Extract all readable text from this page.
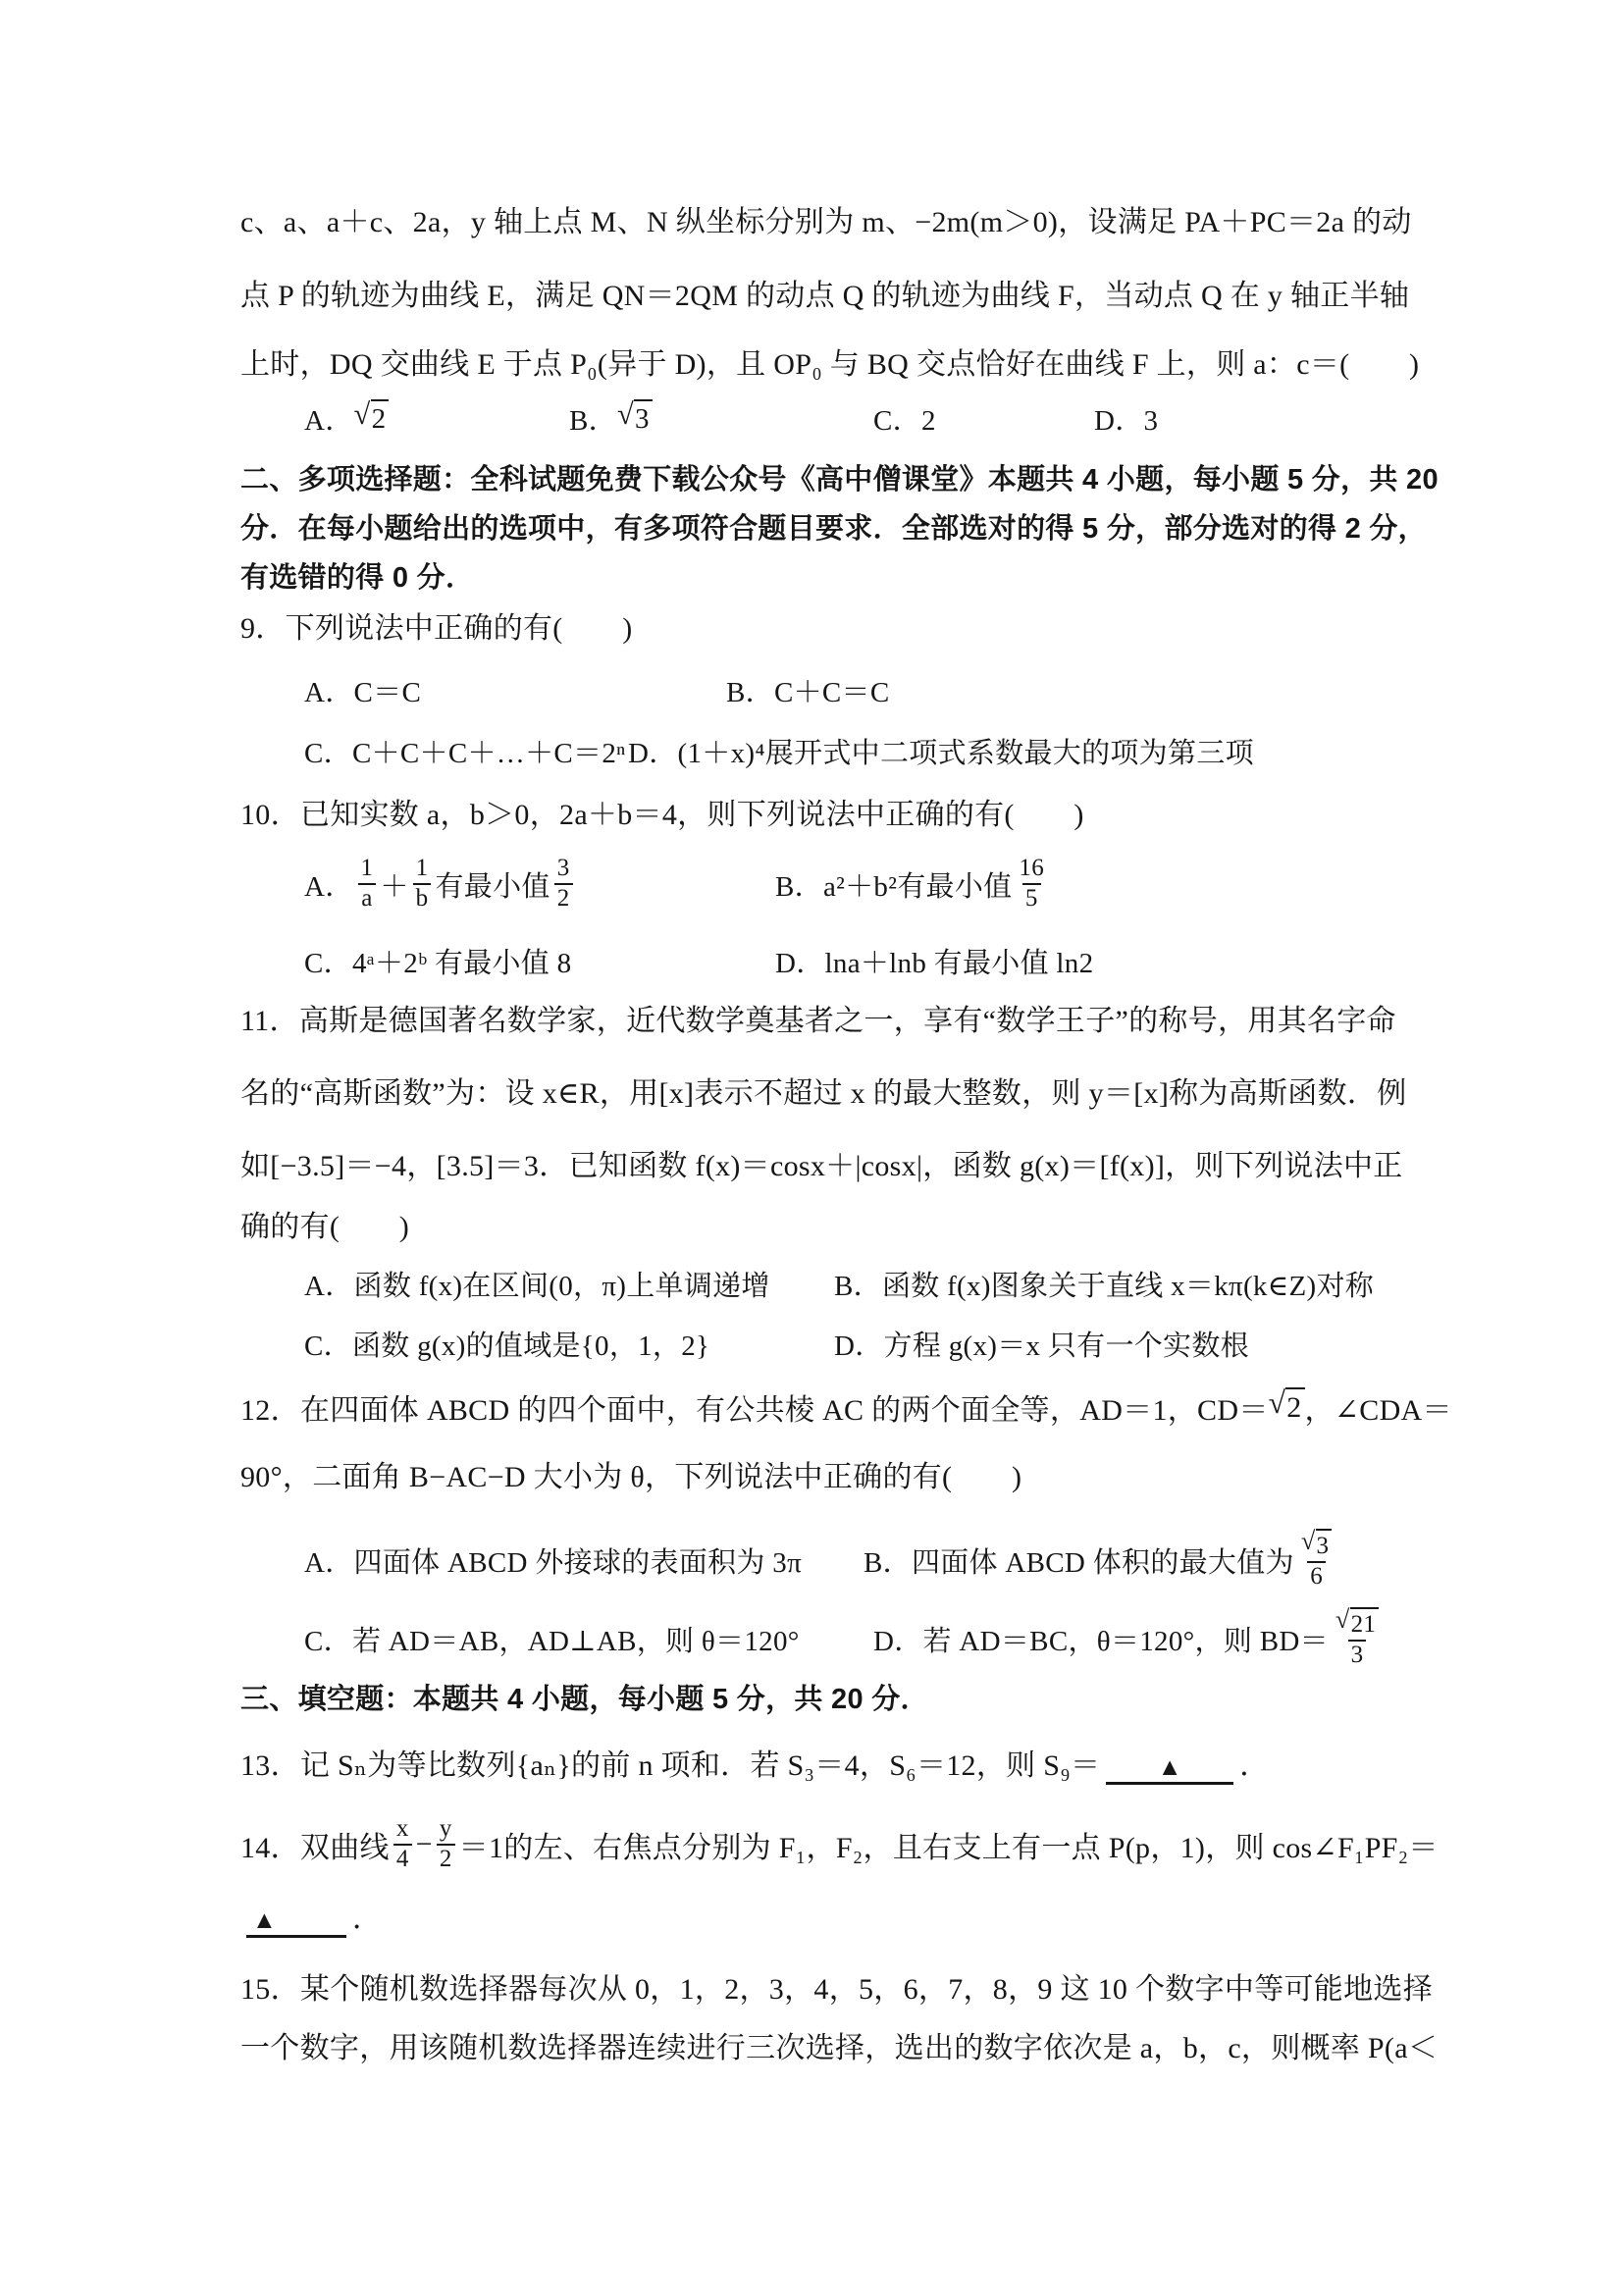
c、a、a＋c、2a，y 轴上点 M、N 纵坐标分别为 m、−2m(m＞0)，设满足 PA＋PC＝2a 的动
点 P 的轨迹为曲线 E，满足 QN＝2QM 的动点 Q 的轨迹为曲线 F，当动点 Q 在 y 轴正半轴
上时，DQ 交曲线 E 于点 P₀(异于 D)，且 OP₀ 与 BQ 交点恰好在曲线 F 上，则 a：c＝(　　)
A． √ 2	B． √ 3	C．2	D．3
二、多项选择题：全科试题免费下载公众号《高中僧课堂》本题共 4 小题，每小题 5 分，共 20
分．在每小题给出的选项中，有多项符合题目要求．全部选对的得 5 分，部分选对的得 2 分，
有选错的得 0 分．
9．下列说法中正确的有(　　)
A．C＝C	B．C＋C＝C
C．C＋C＋C＋…＋C＝2ⁿ D．(1＋x)⁴展开式中二项式系数最大的项为第三项
10．已知实数 a，b＞0，2a＋b＝4，则下列说法中正确的有(　　)
A． $\frac{1}{a} + \frac{1}{b}$ 有最小值 $\frac{3}{2}$	B． a²＋b²有最小值 $\frac{16}{5}$
C．4ᵃ＋2ᵇ 有最小值 8	D．lna＋lnb 有最小值 ln2
11．高斯是德国著名数学家，近代数学奠基者之一，享有“数学王子”的称号，用其名字命
名的“高斯函数”为：设 x∈R，用[x]表示不超过 x 的最大整数，则 y＝[x]称为高斯函数．例
如[−3.5]＝−4，[3.5]＝3．已知函数 f(x)＝cosx＋|cosx|，函数 g(x)＝[f(x)]，则下列说法中正
确的有(　　)
A．函数 f(x)在区间(0，π)上单调递增 B．函数 f(x)图象关于直线 x＝kπ(k∈Z)对称
C．函数 g(x)的值域是{0，1，2}	D．方程 g(x)＝x 只有一个实数根
12．在四面体 ABCD 的四个面中，有公共棱 AC 的两个面全等，AD＝1，CD＝ √ 2 ，∠CDA＝
90°，二面角 B−AC−D 大小为 θ，下列说法中正确的有(　　)
A．四面体 ABCD 外接球的表面积为 3π B．四面体 ABCD 体积的最大值为 $\frac{√ 3}{6}$
C．若 AD＝AB，AD⊥AB，则 θ＝120°	D．若 AD＝BC，θ＝120°，则 $BD= \frac{√ 21}{3}$
三、填空题：本题共 4 小题，每小题 5 分，共 20 分．
13．记 Sₙ为等比数列{aₙ}的前 n 项和．若 S₃＝4，S₆＝12，则 S₉＝ ▲ ．
14．双曲线 $\frac{x}{4} - \frac{y}{2} =1$的左、右焦点分别为 F₁，F₂，且右支上有一点 P(p，1)，则 cos∠F₁PF₂＝
▲	．
15．某个随机数选择器每次从 0，1，2，3，4，5，6，7，8，9 这 10 个数字中等可能地选择
一个数字，用该随机数选择器连续进行三次选择，选出的数字依次是 a，b，c，则概率 P(a＜
